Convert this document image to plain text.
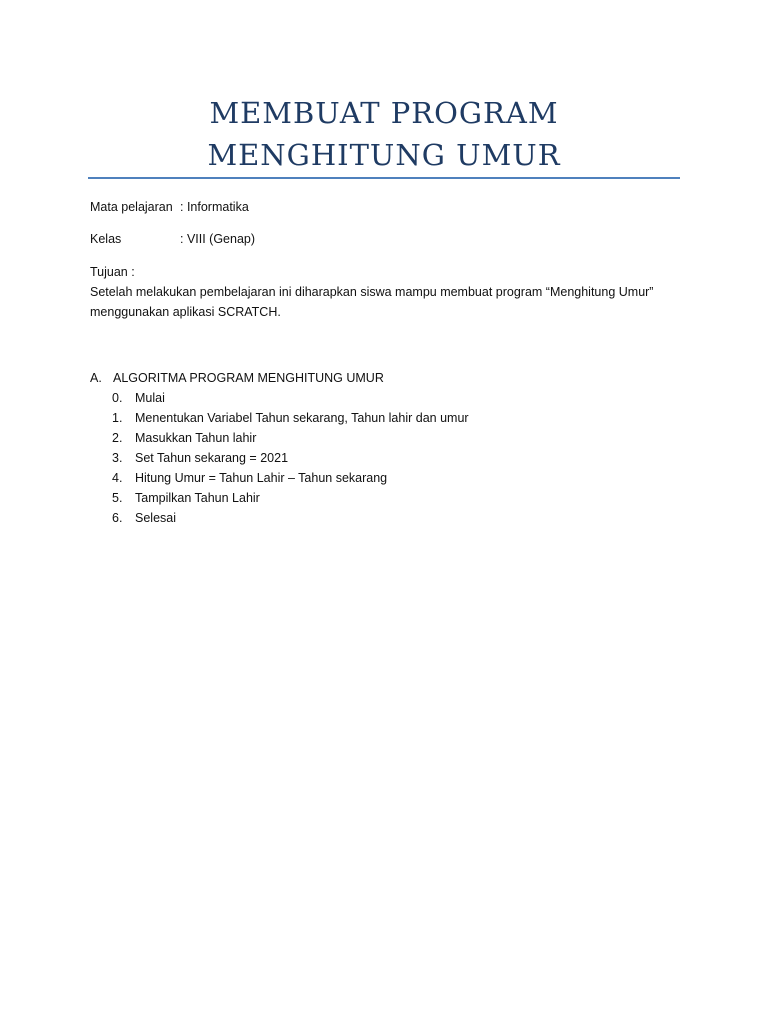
MEMBUAT PROGRAM
MENGHITUNG UMUR
Mata pelajaran : Informatika
Kelas	: VIII (Genap)
Tujuan :
Setelah melakukan pembelajaran ini diharapkan siswa mampu membuat program “Menghitung Umur”
menggunakan aplikasi SCRATCH.
A. ALGORITMA PROGRAM MENGHITUNG UMUR
0.	Mulai
1.	Menentukan Variabel Tahun sekarang, Tahun lahir dan umur
2.	Masukkan Tahun lahir
3.	Set Tahun sekarang = 2021
4.	Hitung Umur = Tahun Lahir – Tahun sekarang
5.	Tampilkan Tahun Lahir
6.	Selesai
